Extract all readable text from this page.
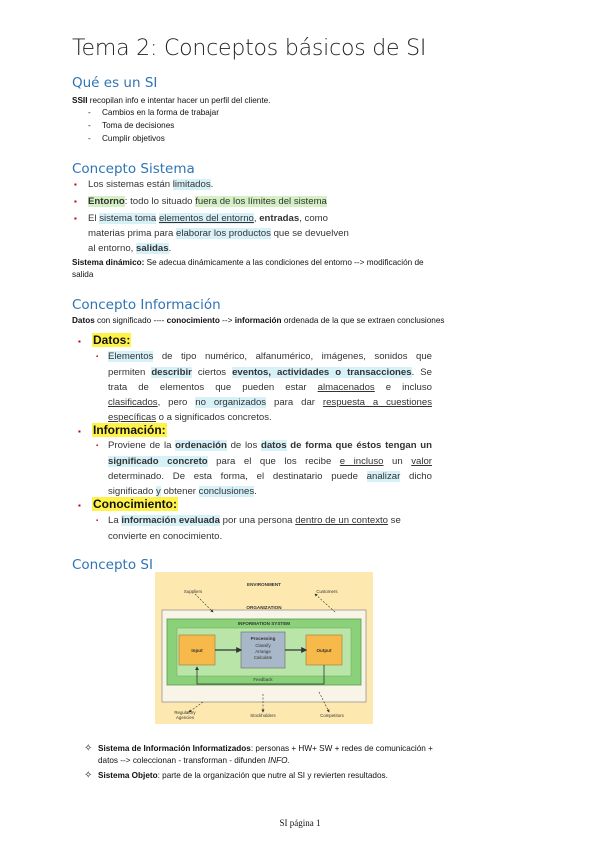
Tema 2: Conceptos básicos de SI
Qué es un SI
SSII recopilan info e intentar hacer un perfil del cliente.
- Cambios en la forma de trabajar
- Toma de decisiones
- Cumplir objetivos
Concepto Sistema
▪ Los sistemas están limitados.
▪ Entorno: todo lo situado fuera de los límites del sistema
▪ El sistema toma elementos del entorno, entradas, como
materias prima para elaborar los productos que se devuelven
al entorno, salidas.
Sistema dinámico: Se adecua dinámicamente a las condiciones del entorno --> modificación de
salida
Concepto Información
Datos con significado ---- conocimiento --> información ordenada de la que se extraen conclusiones
▪ Datos:
▪ Elementos de tipo numérico, alfanumérico, imágenes, sonidos que
permiten describir ciertos eventos, actividades o transacciones. Se
trata de elementos que pueden estar almacenados e incluso
clasificados, pero no organizados para dar respuesta a cuestiones
específicas o a significados concretos.
▪ Información:
▪ Proviene de la ordenación de los datos de forma que éstos tengan un
significado concreto para el que los recibe e incluso un valor
determinado. De esta forma, el destinatario puede analizar dicho
significado y obtener conclusiones.
▪ Conocimiento:
▪ La información evaluada por una persona dentro de un contexto se
convierte en conocimiento.
Concepto SI
ENVIRONMENT
Suppliers	Customers
ORGANIZATION
INFORMATION SYSTEM
Input
Processing
Classify
Arrange
Calculate
Output
Feedback
Regulatory
Agencies	Stockholders	Competitors
✧ Sistema de Información Informatizados: personas + HW+ SW + redes de comunicación +
datos --> coleccionan - transforman - difunden INFO.
✧ Sistema Objeto: parte de la organización que nutre al SI y revierten resultados.
SI página 1
